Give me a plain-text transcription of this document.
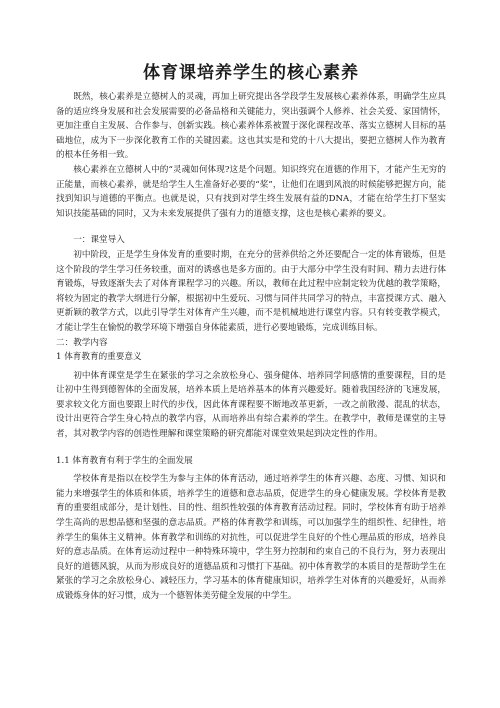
体育课培养学生的核心素养

既然，核心素养是立德树人的灵魂，再加上研究提出各学段学生发展核心素养体系，明确学生应具备的适应终身发展和社会发展需要的必备品格和关键能力，突出强调个人修养、社会关爱、家国情怀，更加注重自主发展、合作参与、创新实践。核心素养体系被置于深化课程改革、落实立德树人目标的基础地位，成为下一步深化教育工作的关键因素。这也其实是和党的十八大提出，要把立德树人作为教育的根本任务相一致。

核心素养在立德树人中的“灵魂如何体现?这是个问题。知识终究在道德的作用下，才能产生无穷的正能量，而核心素养，就是给学生人生准备好必要的“桨”，让他们在遇到风浪的时候能够把握方向，能找到知识与道德的平衡点。也就是说，只有找到对学生终生发展有益的DNA，才能在给学生打下坚实知识技能基础的同时，又为未来发展提供了强有力的道德支撑，这也是核心素养的要义。

一：课堂导入

初中阶段，正是学生身体发育的重要时期，在充分的营养供给之外还要配合一定的体育锻炼，但是这个阶段的学生学习任务较重，面对的诱惑也是多方面的。由于大部分中学生没有时间、精力去进行体育锻炼，导致逐渐失去了对体育课程学习的兴趣。所以，教师在此过程中应制定较为优越的教学策略，将较为固定的教学大纲进行分解，根据初中生爱玩、习惯与同伴共同学习的特点，丰富授课方式、融入更新颖的教学方式，以此引导学生对体育产生兴趣，而不是机械地进行课堂内容。只有转变教学模式，才能让学生在愉悦的教学环境下增强自身体能素质，进行必要地锻炼，完成训练目标。

二：教学内容

1 体育教育的重要意义

初中体育课堂是学生在紧张的学习之余放松身心、强身健体、培养同学间感情的重要课程，目的是让初中生得到德智体的全面发展，培养本质上是培养基本的体育兴趣爱好。随着我国经济的飞速发展，要求较文化方面也要跟上时代的步伐，因此体育课程要不断地改革更新，一改之前散漫、混乱的状态，设计出更符合学生身心特点的教学内容，从而培养出有综合素养的学生。在教学中，教师是课堂的主导者，其对教学内容的创造性理解和课堂策略的研究都能对课堂效果起到决定性的作用。

1.1 体育教育有利于学生的全面发展

学校体育是指以在校学生为参与主体的体育活动，通过培养学生的体育兴趣、态度、习惯、知识和能力来增强学生的体质和体质，培养学生的道德和意志品质，促进学生的身心健康发展。学校体育是教育的重要组成部分，是计划性、目的性、组织性较强的体育教育活动过程。同时，学校体育有助于培养学生高尚的思想品德和坚强的意志品质。严格的体育教学和训练，可以加强学生的组织性、纪律性，培养学生的集体主义精神。体育教学和训练的对抗性，可以促进学生良好的个性心理品质的形成，培养良好的意志品质。在体育运动过程中一种特殊环境中，学生努力控制和约束自己的不良行为，努力表现出良好的道德风貌，从而为形成良好的道德品质和习惯打下基础。初中体育教学的本质目的是帮助学生在紧张的学习之余放松身心、减轻压力，学习基本的体育健康知识，培养学生对体育的兴趣爱好，从而养成锻炼身体的好习惯，成为一个德智体美劳健全发展的中学生。
